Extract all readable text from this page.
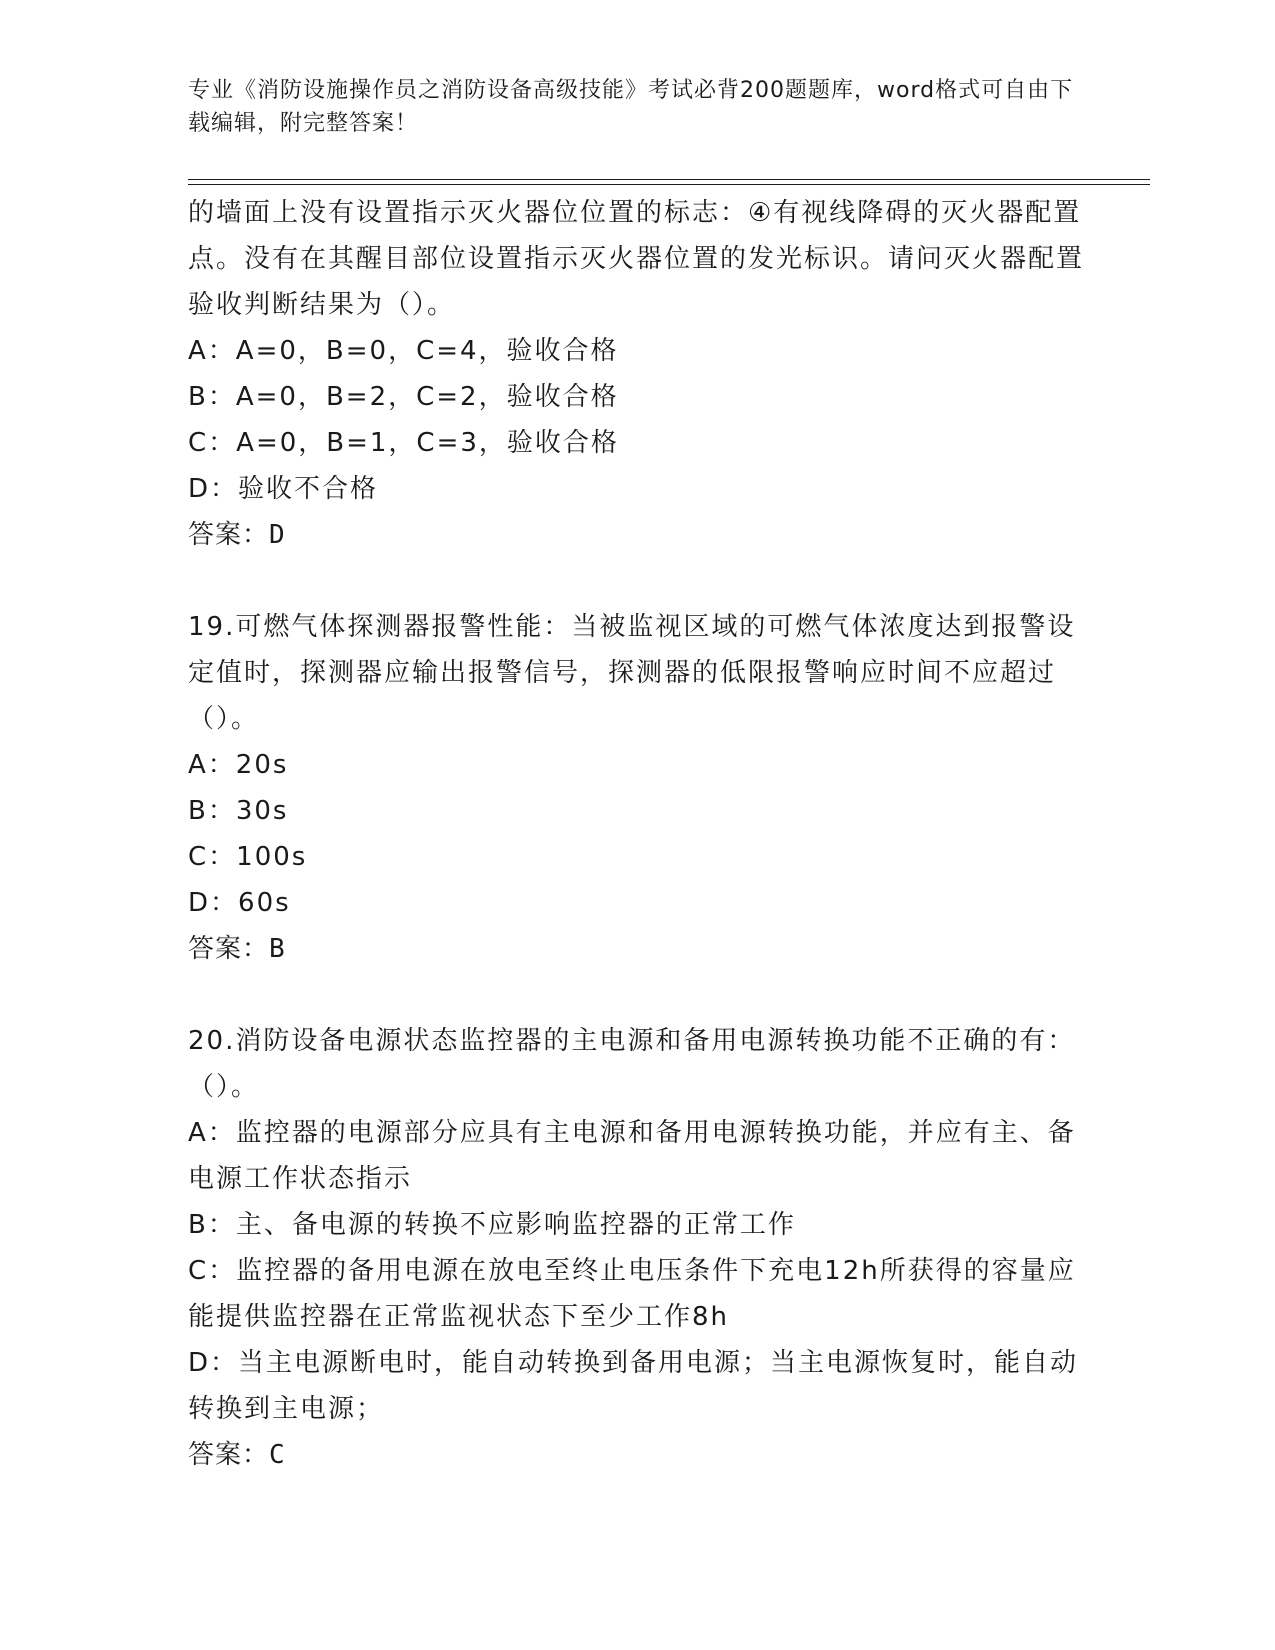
专业《消防设施操作员之消防设备高级技能》考试必背200题题库，word格式可自由下载编辑，附完整答案！

的墙面上没有设置指示灭火器位位置的标志：④有视线降碍的灭火器配置点。没有在其醒目部位设置指示灭火器位置的发光标识。请问灭火器配置验收判断结果为（）。

A：A=0，B=0，C=4，验收合格

B：A=0，B=2，C=2，验收合格

C：A=0，B=1，C=3，验收合格

D：验收不合格

答案：D

19.可燃气体探测器报警性能：当被监视区域的可燃气体浓度达到报警设定值时，探测器应输出报警信号，探测器的低限报警响应时间不应超过（）。

A：20s

B：30s

C：100s

D：60s

答案：B

20.消防设备电源状态监控器的主电源和备用电源转换功能不正确的有：（）。

A：监控器的电源部分应具有主电源和备用电源转换功能，并应有主、备电源工作状态指示

B：主、备电源的转换不应影响监控器的正常工作

C：监控器的备用电源在放电至终止电压条件下充电12h所获得的容量应能提供监控器在正常监视状态下至少工作8h

D：当主电源断电时，能自动转换到备用电源；当主电源恢复时，能自动转换到主电源；

答案：C
